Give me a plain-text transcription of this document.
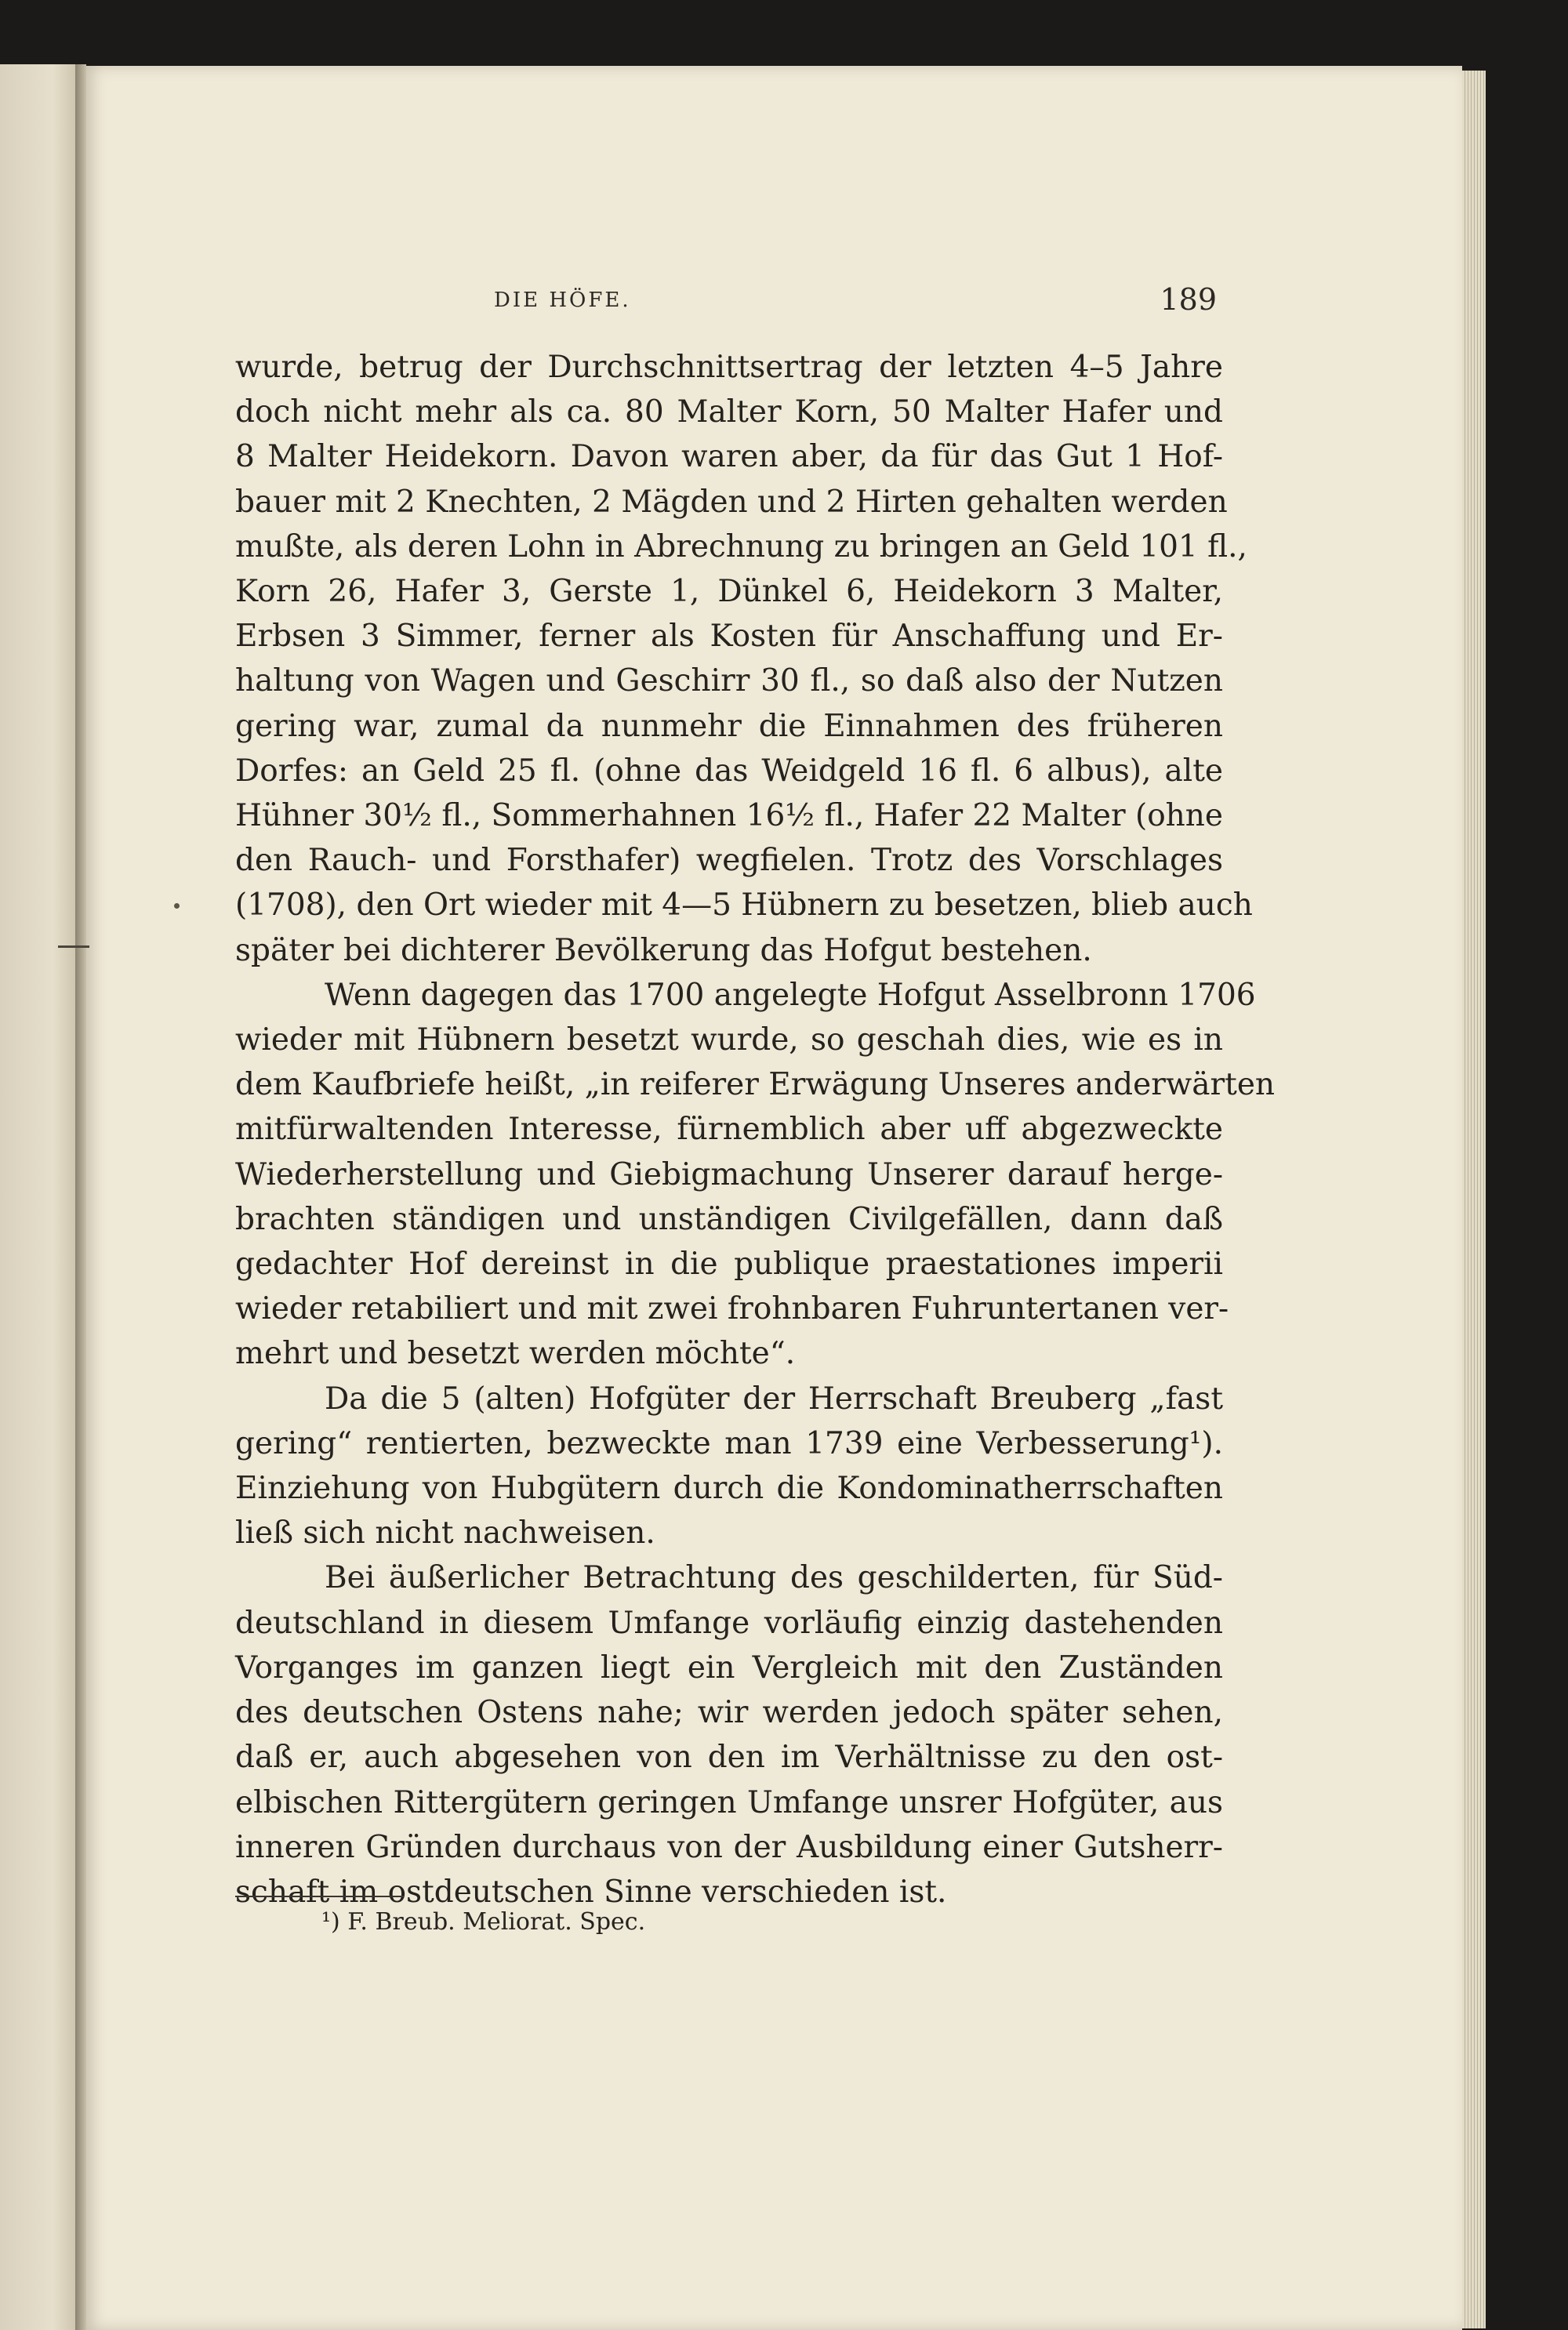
DIE HÖFE.	189
wurde, betrug der Durchschnittsertrag der letzten 4–5 Jahre
doch nicht mehr als ca. 80 Malter Korn, 50 Malter Hafer und
8 Malter Heidekorn. Davon waren aber, da für das Gut 1 Hof-
bauer mit 2 Knechten, 2 Mägden und 2 Hirten gehalten werden
mußte, als deren Lohn in Abrechnung zu bringen an Geld 101 fl.,
Korn 26, Hafer 3, Gerste 1, Dünkel 6, Heidekorn 3 Malter,
Erbsen 3 Simmer, ferner als Kosten für Anschaffung und Er-
haltung von Wagen und Geschirr 30 fl., so daß also der Nutzen
gering war, zumal da nunmehr die Einnahmen des früheren
Dorfes: an Geld 25 fl. (ohne das Weidgeld 16 fl. 6 albus), alte
Hühner 30½ fl., Sommerhahnen 16½ fl., Hafer 22 Malter (ohne
den Rauch- und Forsthafer) wegfielen. Trotz des Vorschlages
(1708), den Ort wieder mit 4—5 Hübnern zu besetzen, blieb auch
später bei dichterer Bevölkerung das Hofgut bestehen.
Wenn dagegen das 1700 angelegte Hofgut Asselbronn 1706
wieder mit Hübnern besetzt wurde, so geschah dies, wie es in
dem Kaufbriefe heißt, „in reiferer Erwägung Unseres anderwärten
mitfürwaltenden Interesse, fürnemblich aber uff abgezweckte
Wiederherstellung und Giebigmachung Unserer darauf herge-
brachten ständigen und unständigen Civilgefällen, dann daß
gedachter Hof dereinst in die publique praestationes imperii
wieder retabiliert und mit zwei frohnbaren Fuhruntertanen ver-
mehrt und besetzt werden möchte“.
Da die 5 (alten) Hofgüter der Herrschaft Breuberg „fast
gering“ rentierten, bezweckte man 1739 eine Verbesserung¹).
Einziehung von Hubgütern durch die Kondominatherrschaften
ließ sich nicht nachweisen.
Bei äußerlicher Betrachtung des geschilderten, für Süd-
deutschland in diesem Umfange vorläufig einzig dastehenden
Vorganges im ganzen liegt ein Vergleich mit den Zuständen
des deutschen Ostens nahe; wir werden jedoch später sehen,
daß er, auch abgesehen von den im Verhältnisse zu den ost-
elbischen Rittergütern geringen Umfange unsrer Hofgüter, aus
inneren Gründen durchaus von der Ausbildung einer Gutsherr-
schaft im ostdeutschen Sinne verschieden ist.
¹) F. Breub. Meliorat. Spec.
